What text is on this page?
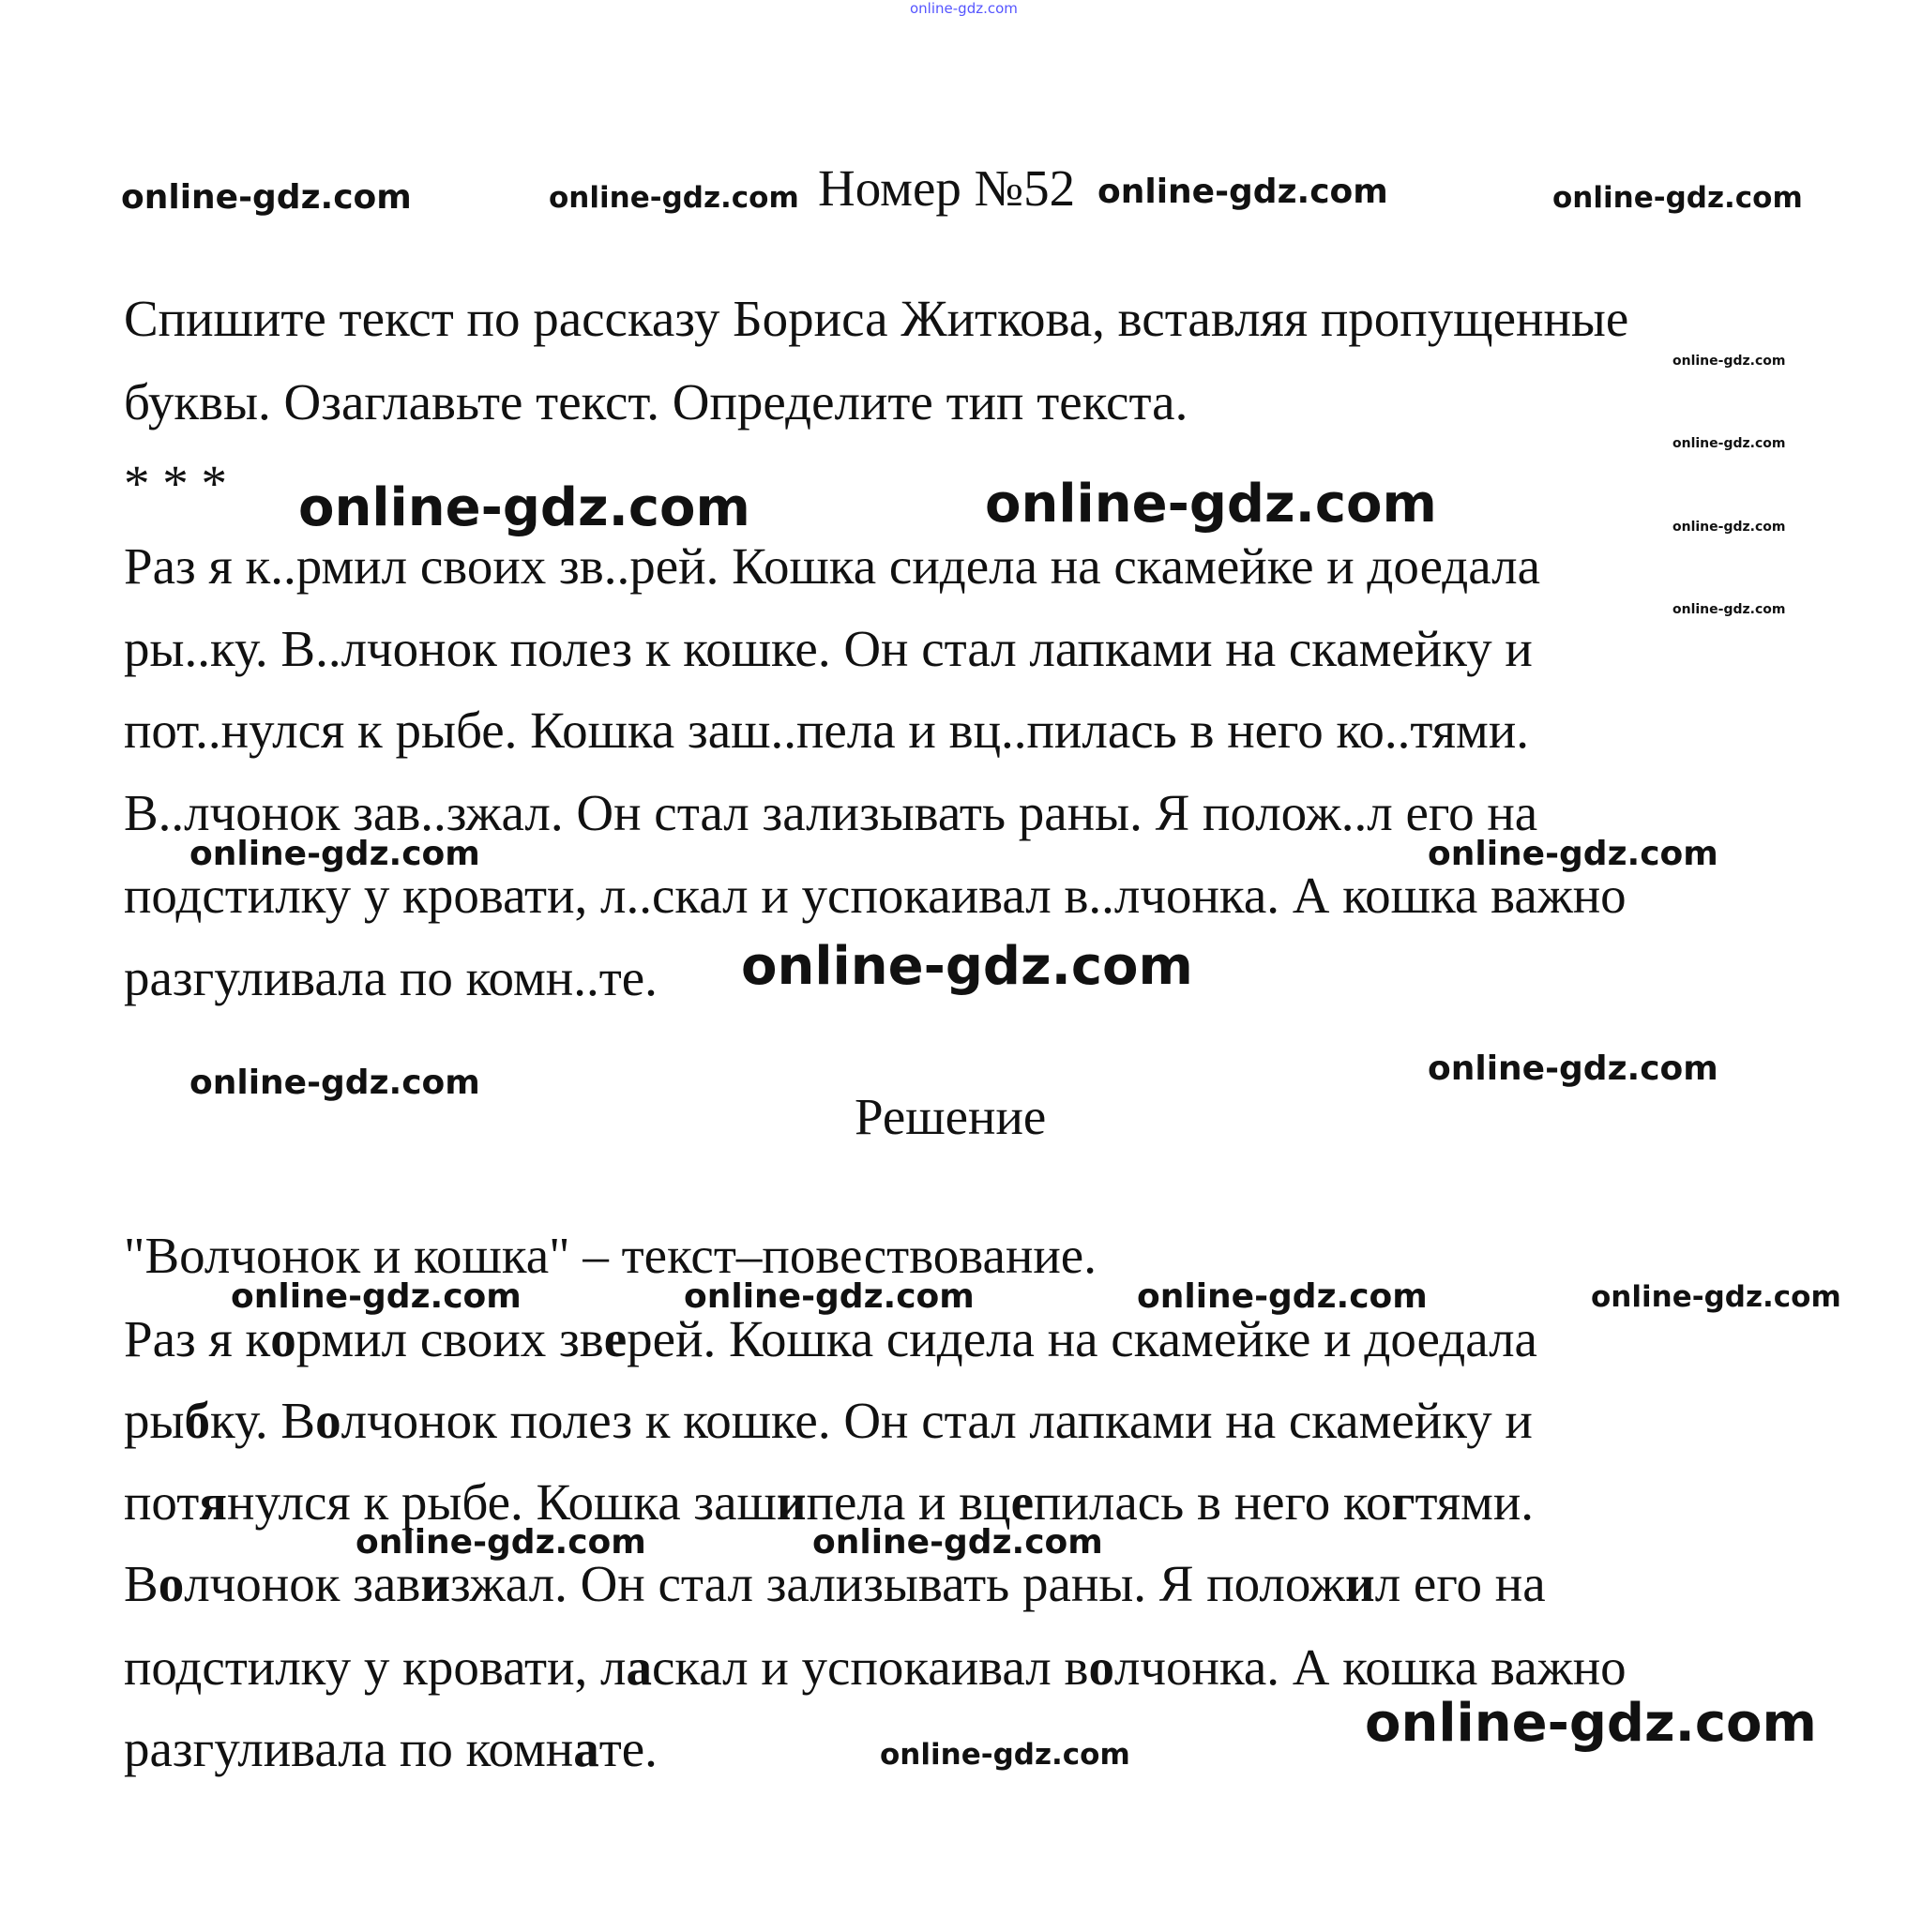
online-gdz.com
online-gdz.com	online-gdz.com Номер №52 online-gdz.com	online-gdz.com
Спишите текст по рассказу Бориса Житкова, вставляя пропущенные
буквы. Озаглавьте текст. Определите тип текста.
* * *
online-gdz.com
online-gdz.com
online-gdz.com
online-gdz.com
online-gdz.com	online-gdz.com
Раз я к..рмил своих зв..рей. Кошка сидела на скамейке и доедала
ры..ку. В..лчонок полез к кошке. Он стал лапками на скамейку и
пот..нулся к рыбе. Кошка заш..пела и вц..пилась в него ко..тями.
В..лчонок зав..зжал. Он стал зализывать раны. Я полож..л его на
подстилку у кровати, л..скал и успокаивал в..лчонка. А кошка важно
разгуливала по комн..те.
online-gdz.com	online-gdz.com
online-gdz.com
online-gdz.com	online-gdz.com
Решение
"Волчонок и кошка" – текст–повествование.
online-gdz.com	online-gdz.com	online-gdz.com	online-gdz.com
Раз я кормил своих зверей. Кошка сидела на скамейке и доедала
рыбку. Волчонок полез к кошке. Он стал лапками на скамейку и
потянулся к рыбе. Кошка зашипела и вцепилась в него когтями.
Волчонок завизжал. Он стал зализывать раны. Я положил его на
подстилку у кровати, ласкал и успокаивал волчонка. А кошка важно
разгуливала по комнате.
online-gdz.com	online-gdz.com
online-gdz.com
online-gdz.com
